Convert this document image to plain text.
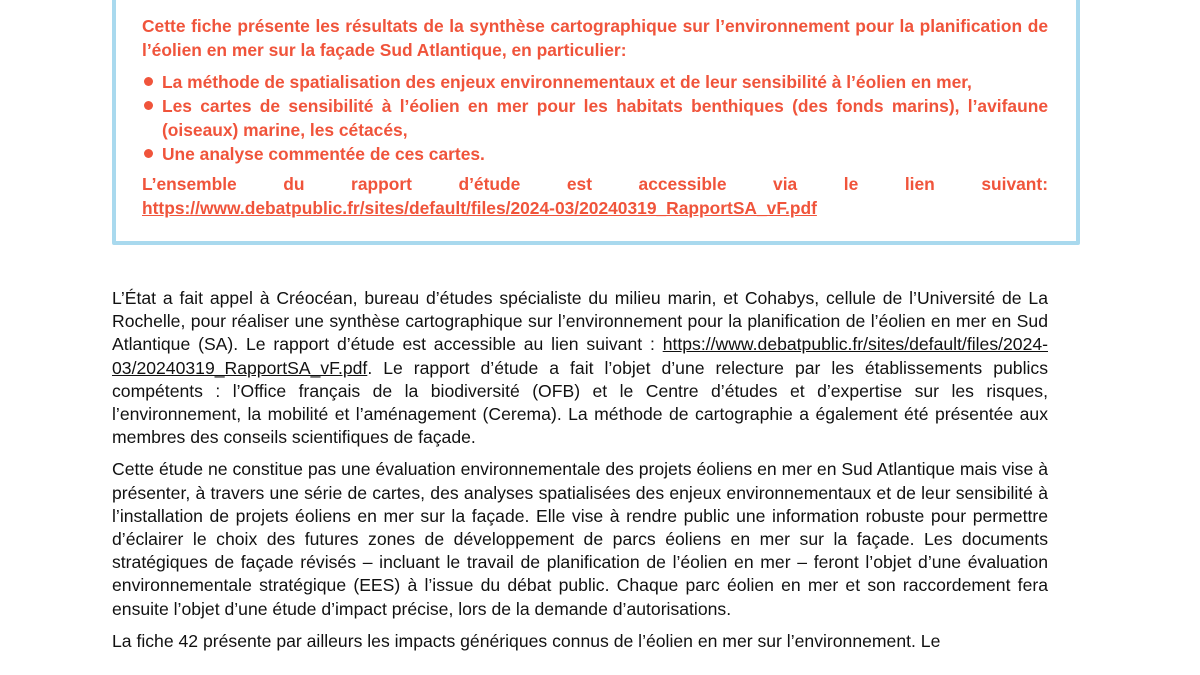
Cette fiche présente les résultats de la synthèse cartographique sur l’environnement pour la planification de l’éolien en mer sur la façade Sud Atlantique, en particulier:

La méthode de spatialisation des enjeux environnementaux et de leur sensibilité à l’éolien en mer,
Les cartes de sensibilité à l’éolien en mer pour les habitats benthiques (des fonds marins), l’avifaune (oiseaux) marine, les cétacés,
Une analyse commentée de ces cartes.

L’ensemble du rapport d’étude est accessible via le lien suivant: https://www.debatpublic.fr/sites/default/files/2024-03/20240319_RapportSA_vF.pdf

L’État a fait appel à Créocéan, bureau d’études spécialiste du milieu marin, et Cohabys, cellule de l’Université de La Rochelle, pour réaliser une synthèse cartographique sur l’environnement pour la planification de l’éolien en mer en Sud Atlantique (SA). Le rapport d’étude est accessible au lien suivant : https://www.debatpublic.fr/sites/default/files/2024-03/20240319_RapportSA_vF.pdf. Le rapport d’étude a fait l’objet d’une relecture par les établissements publics compétents : l’Office français de la biodiversité (OFB) et le Centre d’études et d’expertise sur les risques, l’environnement, la mobilité et l’aménagement (Cerema). La méthode de cartographie a également été présentée aux membres des conseils scientifiques de façade.

Cette étude ne constitue pas une évaluation environnementale des projets éoliens en mer en Sud Atlantique mais vise à présenter, à travers une série de cartes, des analyses spatialisées des enjeux environnementaux et de leur sensibilité à l’installation de projets éoliens en mer sur la façade. Elle vise à rendre public une information robuste pour permettre d’éclairer le choix des futures zones de développement de parcs éoliens en mer sur la façade. Les documents stratégiques de façade révisés – incluant le travail de planification de l’éolien en mer – feront l’objet d’une évaluation environnementale stratégique (EES) à l’issue du débat public. Chaque parc éolien en mer et son raccordement fera ensuite l’objet d’une étude d’impact précise, lors de la demande d’autorisations.

La fiche 42 présente par ailleurs les impacts génériques connus de l’éolien en mer sur l’environnement. Le
